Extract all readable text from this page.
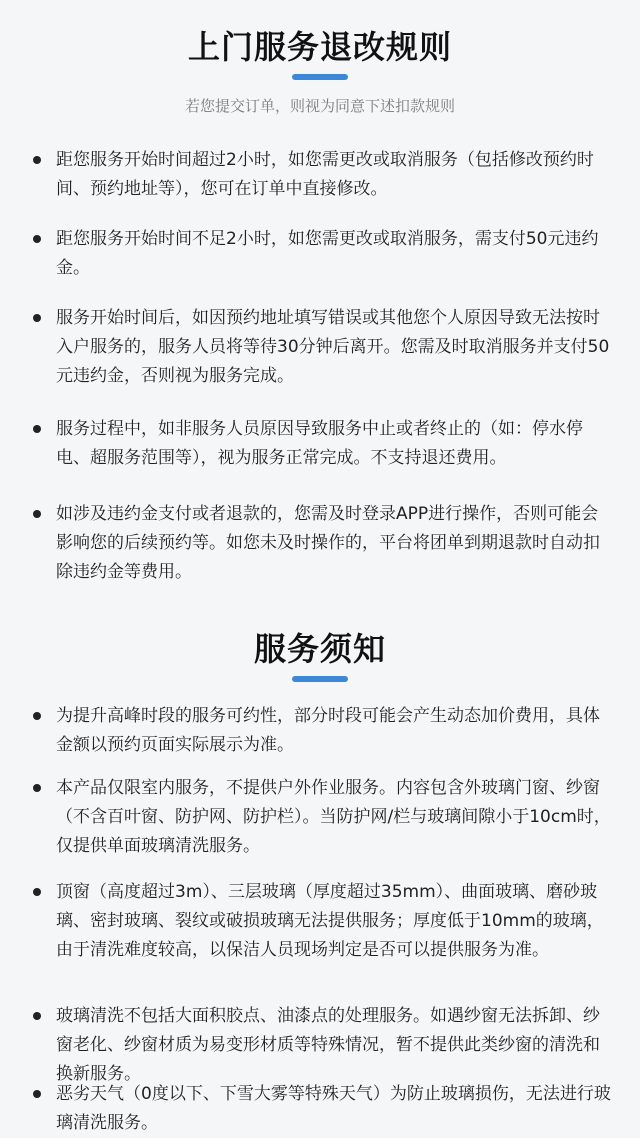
上门服务退改规则
若您提交订单，则视为同意下述扣款规则
距您服务开始时间超过2小时，如您需更改或取消服务（包括修改预约时间、预约地址等），您可在订单中直接修改。
距您服务开始时间不足2小时，如您需更改或取消服务，需支付50元违约金。
服务开始时间后，如因预约地址填写错误或其他您个人原因导致无法按时入户服务的，服务人员将等待30分钟后离开。您需及时取消服务并支付50元违约金，否则视为服务完成。
服务过程中，如非服务人员原因导致服务中止或者终止的（如：停水停电、超服务范围等），视为服务正常完成。不支持退还费用。
如涉及违约金支付或者退款的，您需及时登录APP进行操作，否则可能会影响您的后续预约等。如您未及时操作的，平台将团单到期退款时自动扣除违约金等费用。
服务须知
为提升高峰时段的服务可约性，部分时段可能会产生动态加价费用，具体金额以预约页面实际展示为准。
本产品仅限室内服务，不提供户外作业服务。内容包含外玻璃门窗、纱窗（不含百叶窗、防护网、防护栏）。当防护网/栏与玻璃间隙小于10cm时，仅提供单面玻璃清洗服务。
顶窗（高度超过3m）、三层玻璃（厚度超过35mm）、曲面玻璃、磨砂玻璃、密封玻璃、裂纹或破损玻璃无法提供服务；厚度低于10mm的玻璃，由于清洗难度较高，以保洁人员现场判定是否可以提供服务为准。
玻璃清洗不包括大面积胶点、油漆点的处理服务。如遇纱窗无法拆卸、纱窗老化、纱窗材质为易变形材质等特殊情况，暂不提供此类纱窗的清洗和换新服务。
恶劣天气（0度以下、下雪大雾等特殊天气）为防止玻璃损伤，无法进行玻璃清洗服务。
